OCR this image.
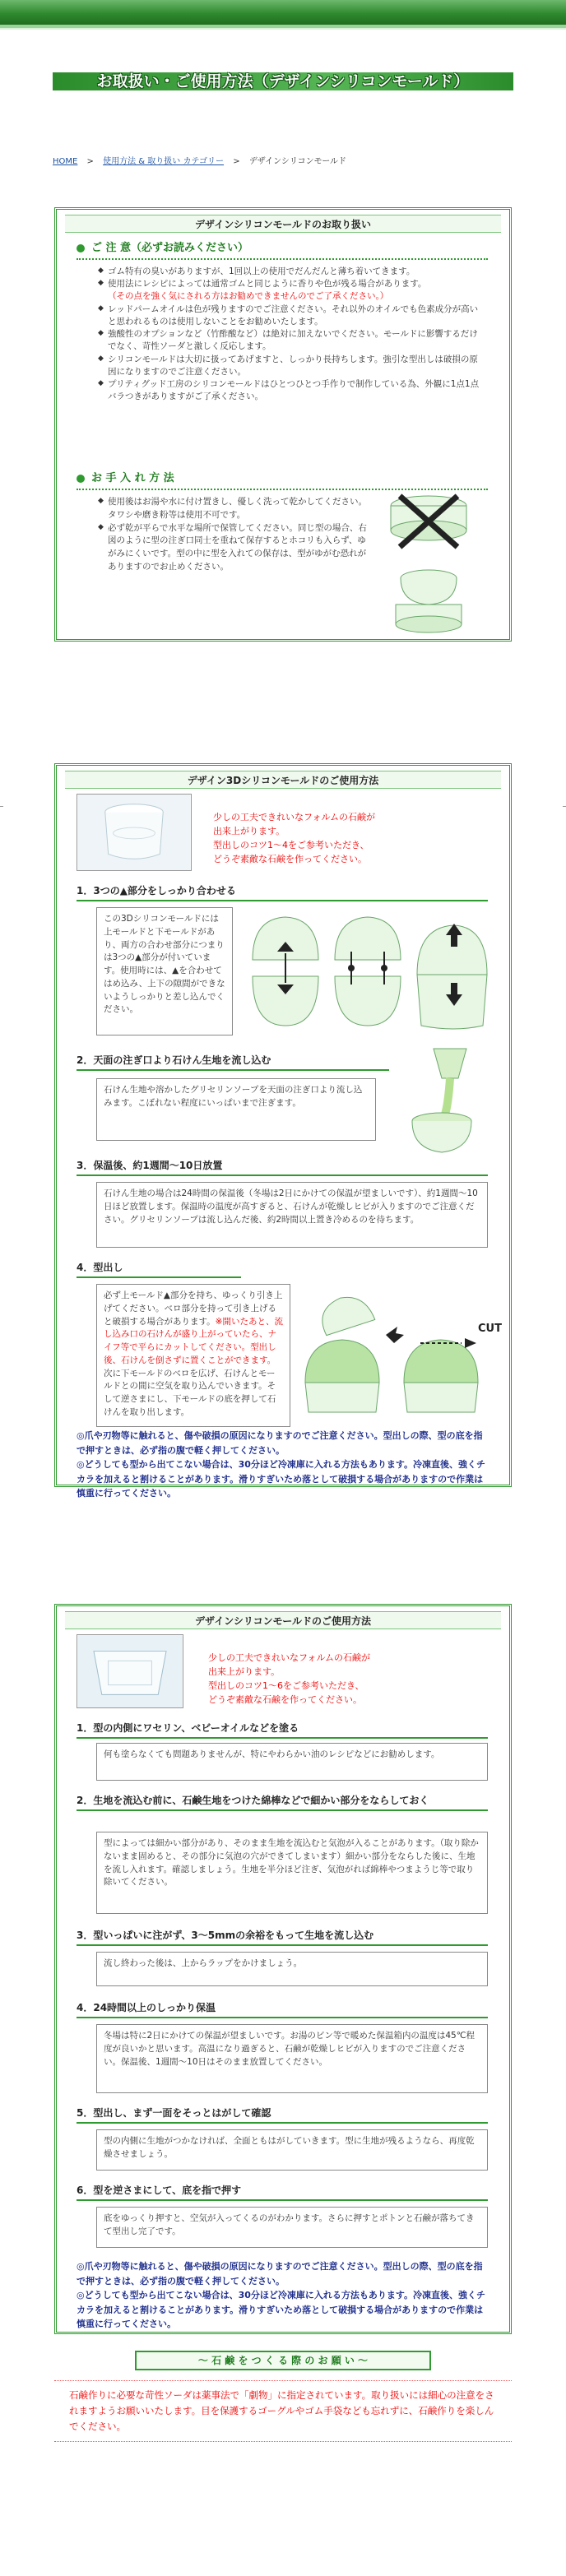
お取扱い・ご使用方法（デザインシリコンモールド）
HOME > 使用方法 & 取り扱い カテゴリー > デザインシリコンモールド
デザインシリコンモールドのお取り扱い
ご 注 意（必ずお読みください）
◆ ゴム特有の臭いがありますが、1回以上の使用でだんだんと薄ち着いてきます。
◆ 使用法にレシピによっては通常ゴムと同じように香りや色が残る場合があります。
（その点を強く気にされる方はお勧めできませんのでご了承ください。）
◆ レッドパームオイルは色が残りますのでご注意ください。それ以外のオイルでも色素成分が高いと思われるものは使用しないことをお勧めいたします。
◆ 強酸性のオプションなど（竹酢酸など）は絶対に加えないでください。モールドに影響するだけでなく、苛性ソーダと激しく反応します。
◆ シリコンモールドは大切に扱ってあげますと、しっかり長持ちします。強引な型出しは破損の原因になりますのでご注意ください。
◆ プリティグッド工房のシリコンモールドはひとつひとつ手作りで制作している為、外観に1点1点バラつきがありますがご了承ください。
お 手 入 れ 方 法
◆ 使用後はお湯や水に付け置きし、優しく洗って乾かしてください。タワシや磨き粉等は使用不可です。
◆ 必ず乾が平らで水平な場所で保管してください。同じ型の場合、右図のように型の注ぎ口同士を重ねて保存するとホコリも入らず、ゆがみにくいです。型の中に型を入れての保存は、型がゆがむ恐れがありますのでお止めください。
デザイン3Dシリコンモールドのご使用方法
少しの工夫できれいなフォルムの石鹸が
出来上がります。
型出しのコツ1〜4をご参考いただき、
どうぞ素敵な石鹸を作ってください。
1．3つの▲部分をしっかり合わせる
この3Dシリコンモールドには上モールドと下モールドがあり、両方の合わせ部分につまりは3つの▲部分が付いています。使用時には、▲を合わせてはめ込み、上下の隙間ができないようしっかりと差し込んでください。
2．天面の注ぎ口より石けん生地を流し込む
石けん生地や溶かしたグリセリンソープを天面の注ぎ口より流し込みます。こぼれない程度にいっぱいまで注ぎます。
3．保温後、約1週間〜10日放置
石けん生地の場合は24時間の保温後（冬場は2日にかけての保温が望ましいです）、約1週間〜10日ほど放置します。保温時の温度が高すぎると、石けんが乾燥しヒビが入りますのでご注意ください。グリセリンソープは流し込んだ後、約2時間以上置き冷めるのを待ちます。
4．型出し
必ず上モールド▲部分を持ち、ゆっくり引き上げてください。ベロ部分を持って引き上げると破損する場合があります。※開いたあと、流し込み口の石けんが盛り上がっていたら、ナイフ等で平らにカットしてください。型出し後、石けんを倒さずに置くことができます。次に下モールドのベロを広げ、石けんとモールドとの間に空気を取り込んでいきます。そして逆さまにし、下モールドの底を押して石けんを取り出します。
CUT
◎爪や刃物等に触れると、傷や破損の原因になりますのでご注意ください。型出しの際、型の底を指で押すときは、必ず指の腹で軽く押してください。
◎どうしても型から出てこない場合は、30分ほど冷凍庫に入れる方法もあります。冷凍直後、強くチカラを加えると割けることがあります。滑りすぎいため落として破損する場合がありますので作業は慎重に行ってください。
デザインシリコンモールドのご使用方法
少しの工夫できれいなフォルムの石鹸が
出来上がります。
型出しのコツ1〜6をご参考いただき、
どうぞ素敵な石鹸を作ってください。
1．型の内側にワセリン、ベビーオイルなどを塗る
何も塗らなくても問題ありませんが、特にやわらかい油のレシピなどにお勧めします。
2．生地を流込む前に、石鹸生地をつけた綿棒などで細かい部分をならしておく
型によっては細かい部分があり、そのまま生地を流込むと気泡が入ることがあります。（取り除かないまま固めると、その部分に気泡の穴ができてしまいます）細かい部分をならした後に、生地を流し入れます。確認しましょう。生地を半分ほど注ぎ、気泡がれば綿棒やつまようじ等で取り除いてください。
3．型いっぱいに注がず、3〜5mmの余裕をもって生地を流し込む
流し終わった後は、上からラップをかけましょう。
4．24時間以上のしっかり保温
冬場は特に2日にかけての保温が望ましいです。お湯のビン等で暖めた保温箱内の温度は45℃程度が良いかと思います。高温になり過ぎると、石鹸が乾燥しヒビが入りますのでご注意ください。保温後、1週間〜10日はそのまま放置してください。
5．型出し、まず一面をそっとはがして確認
型の内側に生地がつかなければ、全面ともはがしていきます。型に生地が残るようなら、再度乾燥させましょう。
6．型を逆さまにして、底を指で押す
底をゆっくり押すと、空気が入ってくるのがわかります。さらに押すとポトンと石鹸が落ちてきて型出し完了です。
◎爪や刃物等に触れると、傷や破損の原因になりますのでご注意ください。型出しの際、型の底を指で押すときは、必ず指の腹で軽く押してください。
◎どうしても型から出てこない場合は、30分ほど冷凍庫に入れる方法もあります。冷凍直後、強くチカラを加えると割けることがあります。滑りすぎいため落として破損する場合がありますので作業は慎重に行ってください。
〜 石 鹸 を つ く る 際 の お 願 い 〜
石鹸作りに必要な苛性ソーダは薬事法で「劇物」に指定されています。取り扱いには細心の注意をされますようお願いいたします。目を保護するゴーグルやゴム手袋なども忘れずに、石鹸作りを楽しんでください。
